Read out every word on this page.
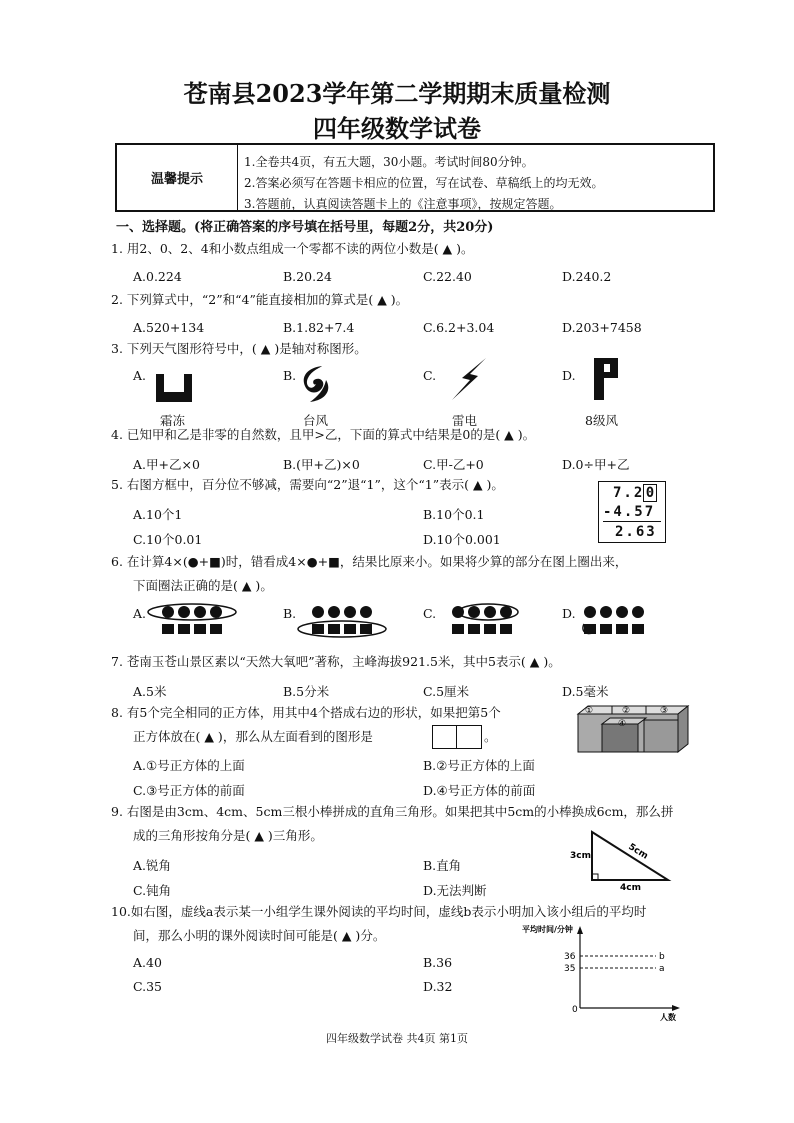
苍南县2023学年第二学期期末质量检测
四年级数学试卷
温馨提示
1.全卷共4页，有五大题，30小题。考试时间80分钟。
2.答案必须写在答题卡相应的位置，写在试卷、草稿纸上的均无效。
3.答题前，认真阅读答题卡上的《注意事项》，按规定答题。
一、选择题。(将正确答案的序号填在括号里，每题2分，共20分)
1. 用2、0、2、4和小数点组成一个零都不读的两位小数是( ▲ )。
A.0.224	B.20.24	C.22.40	D.240.2
2. 下列算式中，“2”和“4”能直接相加的算式是( ▲ )。
A.520+134	B.1.82+7.4	C.6.2+3.04	D.203+7458
3. 下列天气图形符号中，( ▲ )是轴对称图形。
A.	B.	C.	D.
霜冻	台风	雷电	8级风
4. 已知甲和乙是非零的自然数，且甲>乙，下面的算式中结果是0的是( ▲ )。
A.甲+乙×0	B.(甲+乙)×0	C.甲-乙+0	D.0÷甲+乙
5. 右图方框中，百分位不够减，需要向“2”退“1”，这个“1”表示( ▲ )。
A.10个1	B.10个0.1
C.10个0.01	D.10个0.001
7.2 0
-4.57
2.63
6. 在计算4×(●+■)时，错看成4×●+■，结果比原来小。如果将少算的部分在图上圈出来，
下面圈法正确的是( ▲ )。
A.	B.	C.	D.
7. 苍南玉苍山景区素以“天然大氧吧”著称，主峰海拔921.5米，其中5表示( ▲ )。
A.5米	B.5分米	C.5厘米	D.5毫米
8. 有5个完全相同的正方体，用其中4个搭成右边的形状，如果把第5个
正方体放在( ▲ )，那么从左面看到的图形是	。
A.①号正方体的上面	B.②号正方体的上面
C.③号正方体的前面	D.④号正方体的前面
①	②	③
④
9. 右图是由3cm、4cm、5cm三根小棒拼成的直角三角形。如果把其中5cm的小棒换成6cm，那么拼
成的三角形按角分是( ▲ )三角形。
A.锐角	B.直角
C.钝角	D.无法判断
3cm	5cm
4cm
10.如右图，虚线a表示某一小组学生课外阅读的平均时间，虚线b表示小明加入该小组后的平均时
间，那么小明的课外阅读时间可能是( ▲ )分。
A.40	B.36
C.35	D.32
平均时间/分钟
人数
36
35
0
b
a
四年级数学试卷 共4页 第1页
